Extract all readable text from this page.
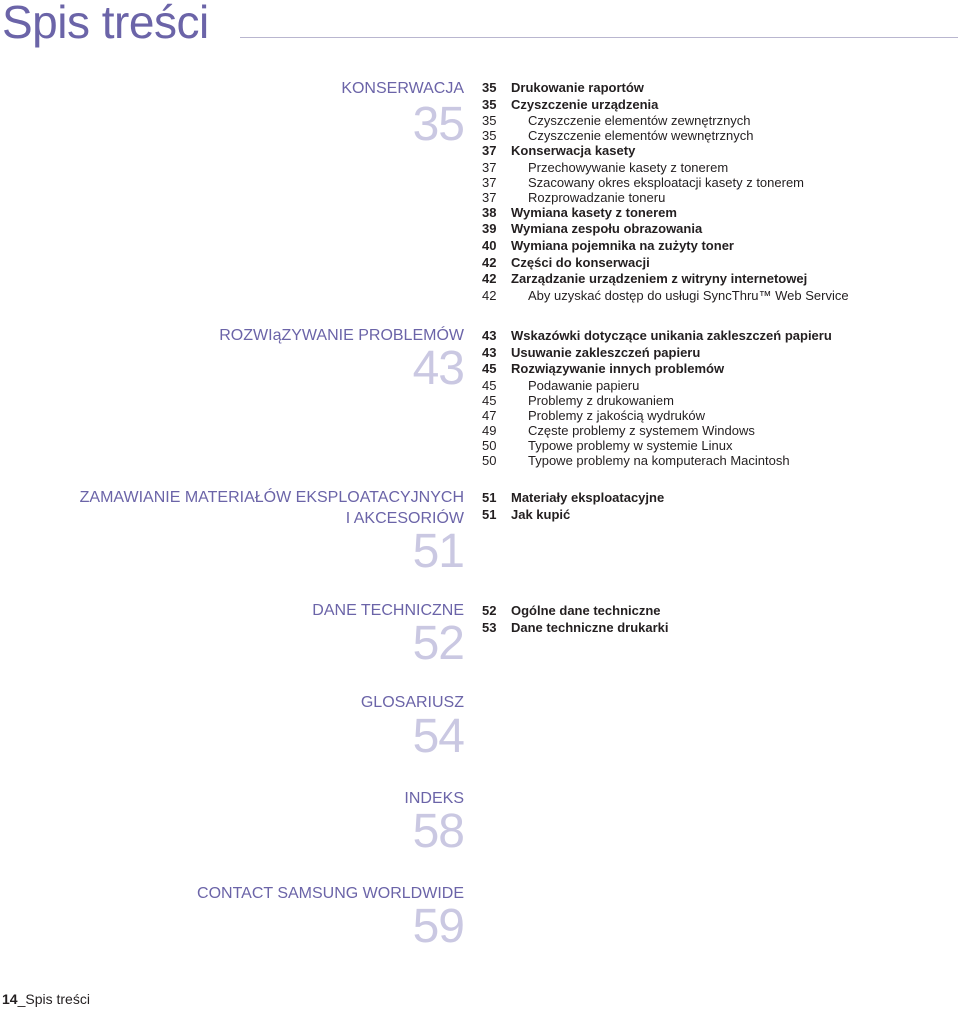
Spis treści
KONSERWACJA
35
35	Drukowanie raportów
35	Czyszczenie urządzenia
35	Czyszczenie elementów zewnętrznych
35	Czyszczenie elementów wewnętrznych
37	Konserwacja kasety
37	Przechowywanie kasety z tonerem
37	Szacowany okres eksploatacji kasety z tonerem
37	Rozprowadzanie toneru
38	Wymiana kasety z tonerem
39	Wymiana zespołu obrazowania
40	Wymiana pojemnika na zużyty toner
42	Części do konserwacji
42	Zarządzanie urządzeniem z witryny internetowej
42	Aby uzyskać dostęp do usługi SyncThru™ Web Service
ROZWIąZYWANIE PROBLEMÓW
43
43	Wskazówki dotyczące unikania zakleszczeń papieru
43	Usuwanie zakleszczeń papieru
45	Rozwiązywanie innych problemów
45	Podawanie papieru
45	Problemy z drukowaniem
47	Problemy z jakością wydruków
49	Częste problemy z systemem Windows
50	Typowe problemy w systemie Linux
50	Typowe problemy na komputerach Macintosh
ZAMAWIANIE MATERIAŁÓW EKSPLOATACYJNYCH
I AKCESORIÓW
51
51	Materiały eksploatacyjne
51	Jak kupić
DANE TECHNICZNE
52
52	Ogólne dane techniczne
53	Dane techniczne drukarki
GLOSARIUSZ
54
INDEKS
58
CONTACT SAMSUNG WORLDWIDE
59
14_Spis treści
